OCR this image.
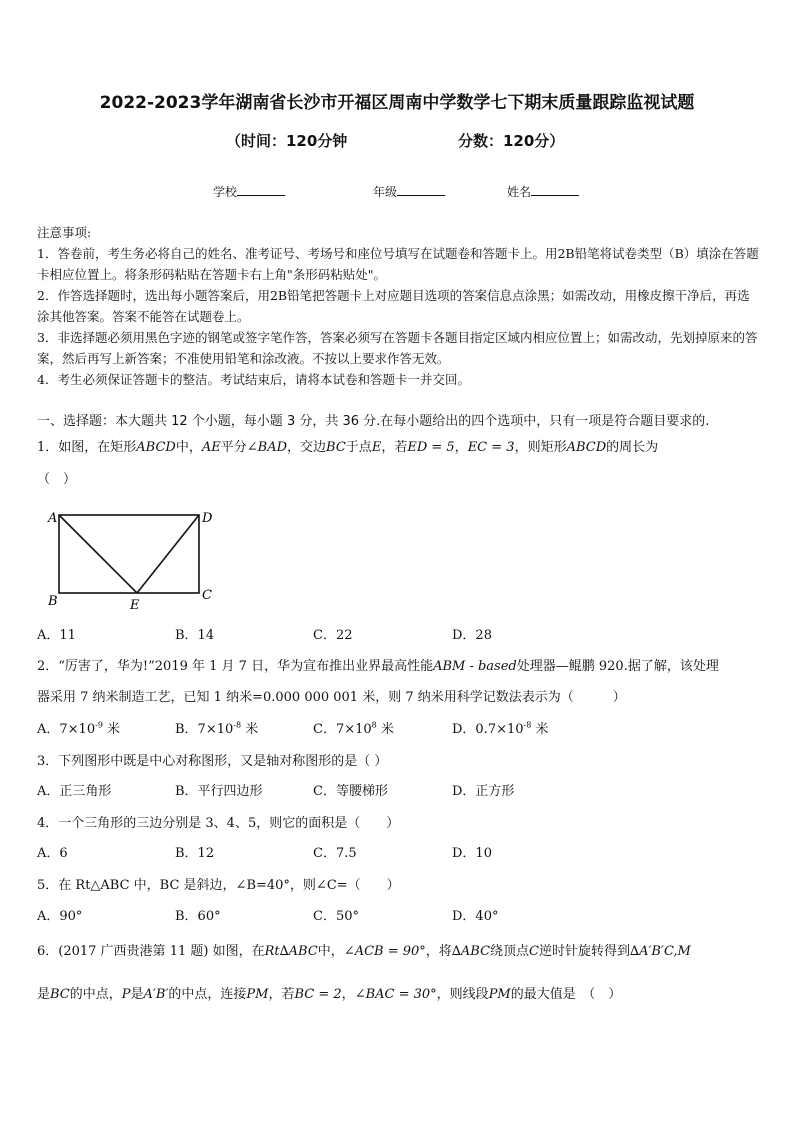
2022-2023学年湖南省长沙市开福区周南中学数学七下期末质量跟踪监视试题
（时间：120分钟	分数：120分）
学校	年级	姓名
注意事项:
1．答卷前，考生务必将自己的姓名、准考证号、考场号和座位号填写在试题卷和答题卡上。用2B铅笔将试卷类型（B）填涂在答题卡相应位置上。将条形码粘贴在答题卡右上角"条形码粘贴处"。
2．作答选择题时，选出每小题答案后，用2B铅笔把答题卡上对应题目选项的答案信息点涂黑；如需改动，用橡皮擦干净后，再选涂其他答案。答案不能答在试题卷上。
3．非选择题必须用黑色字迹的钢笔或签字笔作答，答案必须写在答题卡各题目指定区域内相应位置上；如需改动，先划掉原来的答案，然后再写上新答案；不准使用铅笔和涂改液。不按以上要求作答无效。
4．考生必须保证答题卡的整洁。考试结束后，请将本试卷和答题卡一并交回。
一、选择题：本大题共 12 个小题，每小题 3 分，共 36 分.在每小题给出的四个选项中，只有一项是符合题目要求的.
1．如图，在矩形ABCD中，AE平分∠BAD，交边BC于点E，若ED = 5，EC = 3，则矩形ABCD的周长为
（　）
A	D
B	E
C
A．11	B．14	C．22	D．28
2．“厉害了，华为!”2019 年 1 月 7 日，华为宣布推出业界最高性能ABM - based处理器—鲲鹏 920.据了解，该处理
器采用 7 纳米制造工艺，已知 1 纳米=0.000 000 001 米，则 7 纳米用科学记数法表示为（　　　）
A．$7\times 10^{-9}$ 米	B．$7\times 10^{-8}$ 米	C．$7\times 10^8$ 米	D．$0.7\times 10^{-8}$ 米
3．下列图形中既是中心对称图形，又是轴对称图形的是（ ）
A．正三角形	B．平行四边形	C．等腰梯形	D．正方形
4．一个三角形的三边分别是 3、4、5，则它的面积是（　　）
A．6	B．12	C．7.5	D．10
5．在 Rt△ABC 中，BC 是斜边，∠B=40°，则∠C=（　　）
A．90°	B．60°	C．50°	D．40°
6．(2017 广西贵港第 11 题) 如图，在Rt∆ABC中，∠ACB = 90°，将∆ABC绕顶点C逆时针旋转得到∆A′B′C,M
是BC的中点，P是A′B′的中点，连接PM，若BC = 2，∠BAC = 30°，则线段PM的最大值是　（　）
